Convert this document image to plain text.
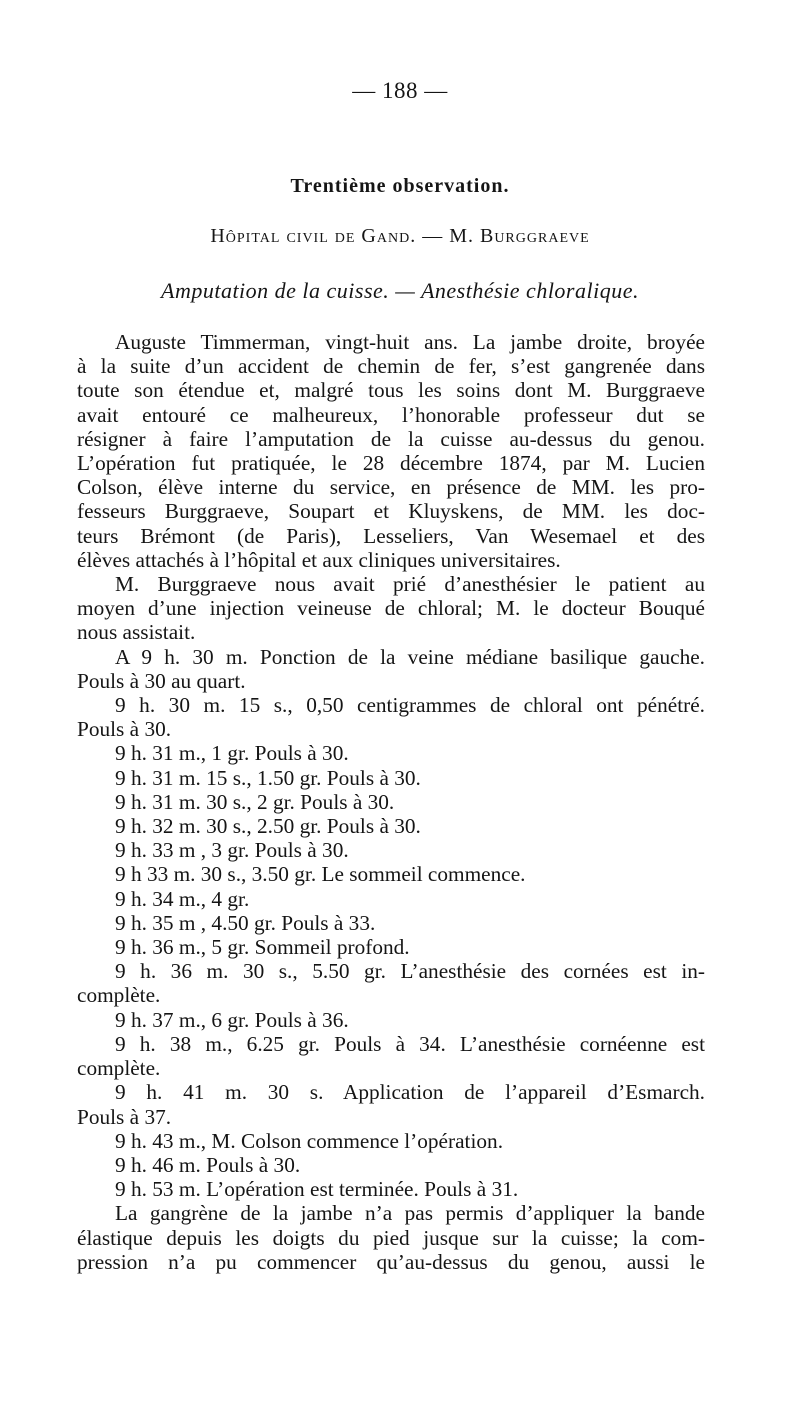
— 188 —
Trentième observation.
Hôpital civil de Gand. — M. Burggraeve
Amputation de la cuisse. — Anesthésie chloralique.
Auguste Timmerman, vingt-huit ans. La jambe droite, broyée
à la suite d’un accident de chemin de fer, s’est gangrenée dans
toute son étendue et, malgré tous les soins dont M. Burggraeve
avait entouré ce malheureux, l’honorable professeur dut se
résigner à faire l’amputation de la cuisse au-dessus du genou.
L’opération fut pratiquée, le 28 décembre 1874, par M. Lucien
Colson, élève interne du service, en présence de MM. les pro-
fesseurs Burggraeve, Soupart et Kluyskens, de MM. les doc-
teurs Brémont (de Paris), Lesseliers, Van Wesemael et des
élèves attachés à l’hôpital et aux cliniques universitaires.
M. Burggraeve nous avait prié d’anesthésier le patient au
moyen d’une injection veineuse de chloral; M. le docteur Bouqué
nous assistait.
A 9 h. 30 m. Ponction de la veine médiane basilique gauche.
Pouls à 30 au quart.
9 h. 30 m. 15 s., 0,50 centigrammes de chloral ont pénétré.
Pouls à 30.
9 h. 31 m., 1 gr. Pouls à 30.
9 h. 31 m. 15 s., 1.50 gr. Pouls à 30.
9 h. 31 m. 30 s., 2 gr. Pouls à 30.
9 h. 32 m. 30 s., 2.50 gr. Pouls à 30.
9 h. 33 m , 3 gr. Pouls à 30.
9 h 33 m. 30 s., 3.50 gr. Le sommeil commence.
9 h. 34 m., 4 gr.
9 h. 35 m , 4.50 gr. Pouls à 33.
9 h. 36 m., 5 gr. Sommeil profond.
9 h. 36 m. 30 s., 5.50 gr. L’anesthésie des cornées est in-
complète.
9 h. 37 m., 6 gr. Pouls à 36.
9 h. 38 m., 6.25 gr. Pouls à 34. L’anesthésie cornéenne est
complète.
9 h. 41 m. 30 s. Application de l’appareil d’Esmarch.
Pouls à 37.
9 h. 43 m., M. Colson commence l’opération.
9 h. 46 m. Pouls à 30.
9 h. 53 m. L’opération est terminée. Pouls à 31.
La gangrène de la jambe n’a pas permis d’appliquer la bande
élastique depuis les doigts du pied jusque sur la cuisse; la com-
pression n’a pu commencer qu’au-dessus du genou, aussi le
